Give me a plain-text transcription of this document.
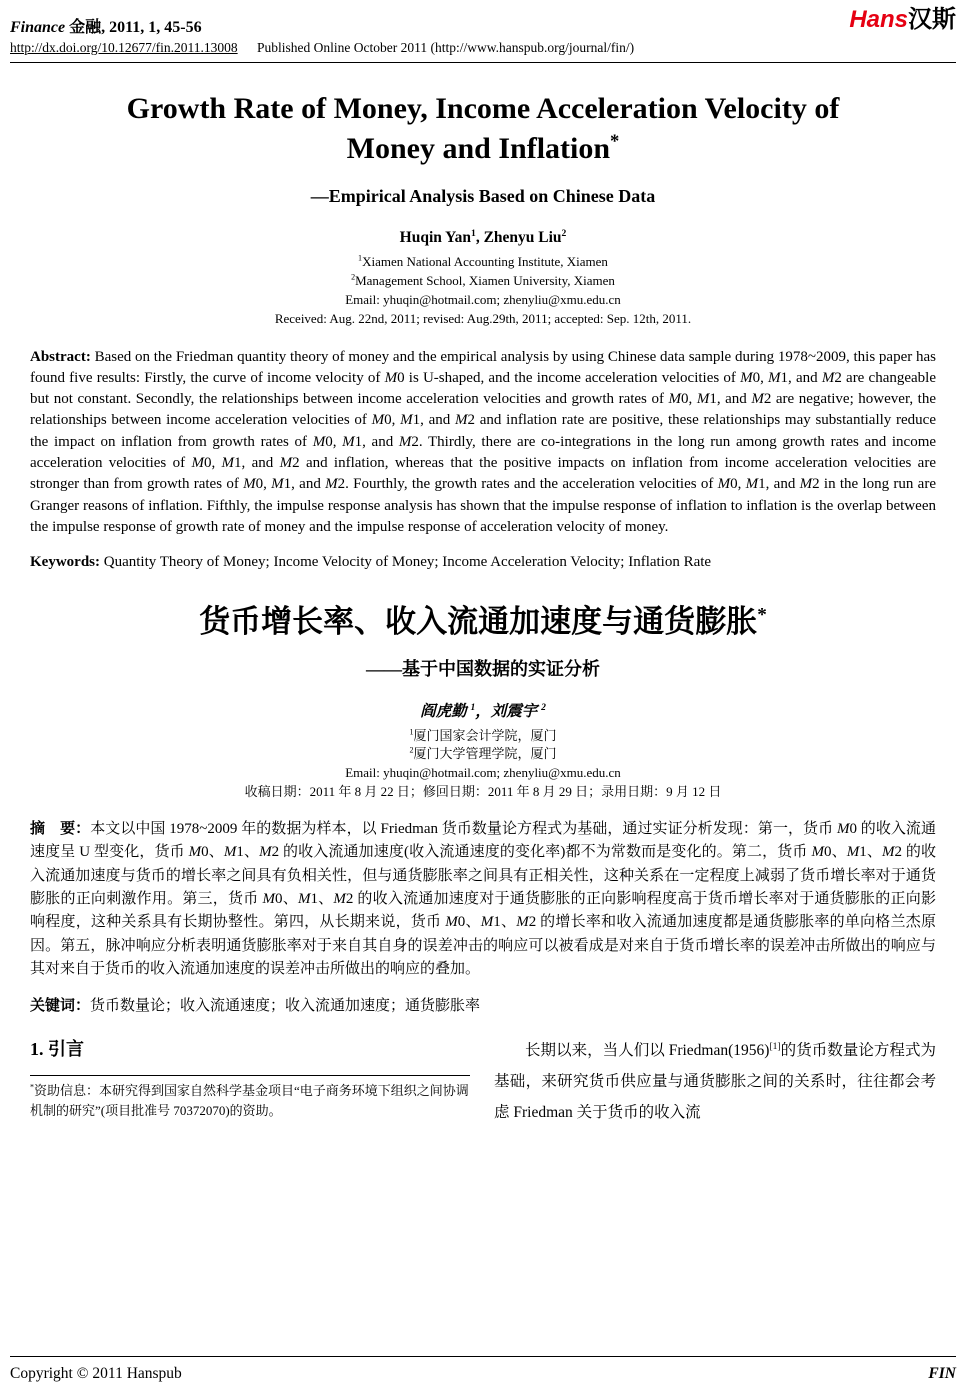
Finance 金融, 2011, 1, 45-56	Hans汉斯
http://dx.doi.org/10.12677/fin.2011.13008 Published Online October 2011 (http://www.hanspub.org/journal/fin/)
Growth Rate of Money, Income Acceleration Velocity of
Money and Inflation*
—Empirical Analysis Based on Chinese Data
Huqin Yan$^1$, Zhenyu Liu$^2$
$^1$Xiamen National Accounting Institute, Xiamen
$^2$Management School, Xiamen University, Xiamen
Email: yhuqin@hotmail.com; zhenyliu@xmu.edu.cn
Received: Aug. 22nd, 2011; revised: Aug.29th, 2011; accepted: Sep. 12th, 2011.

Abstract: Based on the Friedman quantity theory of money and the empirical analysis by using Chinese data sample during 1978~2009, this paper has found five results: Firstly, the curve of income velocity of M0 is U-shaped, and the income acceleration velocities of M0, M1, and M2 are changeable but not constant. Secondly, the relationships between income acceleration velocities and growth rates of M0, M1, and M2 are negative; however, the relationships between income acceleration velocities of M0, M1, and M2 and inflation rate are positive, these relationships may substantially reduce the impact on inflation from growth rates of M0, M1, and M2. Thirdly, there are co-integrations in the long run among growth rates and income acceleration velocities of M0, M1, and M2 and inflation, whereas that the positive impacts on inflation from income acceleration velocities are stronger than from growth rates of M0, M1, and M2. Fourthly, the growth rates and the acceleration velocities of M0, M1, and M2 in the long run are Granger reasons of inflation. Fifthly, the impulse response analysis has shown that the impulse response of inflation to inflation is the overlap between the impulse response of growth rate of money and the impulse response of acceleration velocity of money.

Keywords: Quantity Theory of Money; Income Velocity of Money; Income Acceleration Velocity; Inflation Rate

货币增长率、收入流通加速度与通货膨胀*
——基于中国数据的实证分析
阎虎勤 $^1$，刘震宇 $^2$
$^1$厦门国家会计学院，厦门
$^2$厦门大学管理学院，厦门
Email: yhuqin@hotmail.com; zhenyliu@xmu.edu.cn
收稿日期：2011 年 8 月 22 日；修回日期：2011 年 8 月 29 日；录用日期：9 月 12 日

摘　要：本文以中国 1978~2009 年的数据为样本，以 Friedman 货币数量论方程式为基础，通过实证分析发现：第一，货币 M0 的收入流通速度呈 U 型变化，货币 M0、M1、M2 的收入流通加速度(收入流通速度的变化率)都不为常数而是变化的。第二，货币 M0、M1、M2 的收入流通加速度与货币的增长率之间具有负相关性，但与通货膨胀率之间具有正相关性，这种关系在一定程度上减弱了货币增长率对于通货膨胀的正向刺激作用。第三，货币 M0、M1、M2 的收入流通加速度对于通货膨胀的正向影响程度高于货币增长率对于通货膨胀的正向影响程度，这种关系具有长期协整性。第四，从长期来说，货币 M0、M1、M2 的增长率和收入流通加速度都是通货膨胀率的单向格兰杰原因。第五，脉冲响应分析表明通货膨胀率对于来自其自身的误差冲击的响应可以被看成是对来自于货币增长率的误差冲击所做出的响应与其对来自于货币的收入流通加速度的误差冲击所做出的响应的叠加。

关键词：货币数量论；收入流通速度；收入流通加速度；通货膨胀率

1. 引言

*资助信息：本研究得到国家自然科学基金项目“电子商务环境下组织之间协调机制的研究”(项目批准号 70372070)的资助。

长期以来，当人们以 Friedman(1956)[1]的货币数量论方程式为基础，来研究货币供应量与通货膨胀之间的关系时，往往都会考虑 Friedman 关于货币的收入流

Copyright © 2011 Hanspub	FIN
